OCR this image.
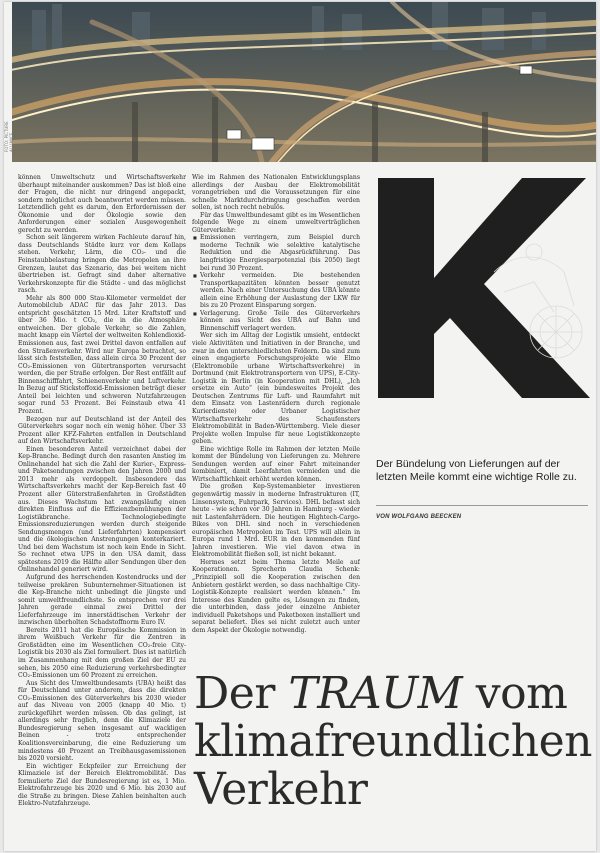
FOTO: PICTURE ALLIANCE

können Umweltschutz und Wirtschaftsverkehr überhaupt miteinander auskommen? Das ist bloß eine der Fragen, die nicht nur dringend angepackt, sondern möglichst auch beantwortet werden müssen. Letztendlich geht es darum, den Erfordernissen der Ökonomie und der Ökologie sowie den Anforderungen einer sozialen Ausgewogenheit gerecht zu werden.

Schon seit längerem wirken Fachleute darauf hin, dass Deutschlands Städte kurz vor dem Kollaps stehen. Verkehr, Lärm, die CO₂- und die Feinstaubbelastung bringen die Metropolen an ihre Grenzen, lautet das Szenario, das bei weitem nicht übertrieben ist. Gefragt sind daher alternative Verkehrskonzepte für die Städte - und das möglichst rasch.

Mehr als 800 000 Stau-Kilometer vermeldet der Automobilclub ADAC für das Jahr 2013. Das entspricht geschätzten 15 Mrd. Liter Kraftstoff und über 36 Mio. t CO₂, die in die Atmosphäre entweichen. Der globale Verkehr, so die Zahlen, macht knapp ein Viertel der weltweiten Kohlendioxid-Emissionen aus, fast zwei Drittel davon entfallen auf den Straßenverkehr. Wird nur Europa betrachtet, so lässt sich feststellen, dass allein circa 30 Prozent der CO₂-Emissionen von Gütertransporten verursacht werden, die per Straße erfolgen. Der Rest entfällt auf Binnenschifffahrt, Schienenverkehr und Luftverkehr. In Bezug auf Stickstoffoxid-Emissionen beträgt dieser Anteil bei leichten und schweren Nutzfahrzeugen sogar rund 53 Prozent. Bei Feinstaub etwa 41 Prozent.

Bezogen nur auf Deutschland ist der Anteil des Güterverkehrs sogar noch ein wenig höher. Über 33 Prozent aller KFZ-Fahrten entfallen in Deutschland auf den Wirtschaftsverkehr.

Einen besonderen Anteil verzeichnet dabei der Kep-Branche. Bedingt durch den rasanten Anstieg im Onlinehandel hat sich die Zahl der Kurier-, Express- und Paketsendungen zwischen den Jahren 2000 und 2013 mehr als verdoppelt. Insbesondere das Wirtschaftsverkehrs macht der Kep-Bereich fast 40 Prozent aller Güterstraßenfahrten in Großstädten aus. Dieses Wachstum hat zwangsläufig einen direkten Einfluss auf die Effizienzbemühungen der Logistikbranche. Technologiebedingte Emissionsreduzierungen werden durch steigende Sendungsmengen (und Lieferfahrten) kompensiert und die ökologischen Anstrengungen konterkariert. Und bei dem Wachstum ist noch kein Ende in Sicht. So rechnet etwa UPS in den USA damit, dass spätestens 2019 die Hälfte aller Sendungen über den Onlinehandel generiert wird.

Aufgrund des herrschenden Kostendrucks und der teilweise prekären Subunternehmer-Situationen ist die Kep-Branche nicht unbedingt die jüngste und somit umweltfreundlichste. So entsprechen vor drei Jahren gerade einmal zwei Drittel der Lieferfahrzeuge im innerstädtischen Verkehr der inzwischen überholten Schadstoffnorm Euro IV.

Bereits 2011 hat die Europäische Kommission in ihrem Weißbuch Verkehr für die Zentren in Großstädten eine im Wesentlichen CO₂-freie City-Logistik bis 2030 als Ziel formuliert. Dies ist natürlich im Zusammenhang mit dem großen Ziel der EU zu sehen, bis 2050 eine Reduzierung verkehrsbedingter CO₂-Emissionen um 60 Prozent zu erreichen.

Aus Sicht des Umweltbundesamts (UBA) heißt das für Deutschland unter anderem, dass die direkten CO₂-Emissionen des Güterverkehrs bis 2030 wieder auf das Niveau von 2005 (knapp 40 Mio. t) zurückgeführt werden müssen. Ob das gelingt, ist allerdings sehr fraglich, denn die Klimaziele der Bundesregierung sehen insgesamt auf wackligen Beinen - trotz entsprechender Koalitionsvereinbarung, die eine Reduzierung um mindestens 40 Prozent an Treibhausgasemissionen bis 2020 vorsieht.

Ein wichtiger Eckpfeiler zur Erreichung der Klimaziele ist der Bereich Elektromobilität. Das formulierte Ziel der Bundesregierung ist es, 1 Mio. Elektrofahrzeuge bis 2020 und 6 Mio. bis 2030 auf die Straße zu bringen. Diese Zahlen beinhalten auch Elektro-Nutzfahrzeuge.

Wie im Rahmen des Nationalen Entwicklungsplans allerdings der Ausbau der Elektromobilität vorangetrieben und die Voraussetzungen für eine schnelle Marktdurchdringung geschaffen werden sollen, ist noch recht nebulös.

Für das Umweltbundesamt gibt es im Wesentlichen folgende Wege zu einem umweltverträglichen Güterverkehr:

■ Emissionen verringern, zum Beispiel durch moderne Technik wie selektive katalytische Reduktion und die Abgasrückführung. Das langfristige Energiesparpotenzial (bis 2050) liegt bei rund 30 Prozent.
■ Verkehr vermeiden. Die bestehenden Transportkapazitäten könnten besser genutzt werden. Nach einer Untersuchung des UBA könnte allein eine Erhöhung der Auslastung der LKW für bis zu 20 Prozent Einsparung sorgen.
■ Verlagerung. Große Teile des Güterverkehrs können aus Sicht des UBA auf Bahn und Binnenschiff verlagert werden.

Wer sich im Alltag der Logistik umsieht, entdeckt viele Aktivitäten und Initiativen in der Branche, und zwar in den unterschiedlichsten Feldern. Da sind zum einen engagierte Forschungsprojekte wie Elmo (Elektromobile urbane Wirtschaftsverkehre) in Dortmund (mit Elektrotransportern von UPS), E-City-Logistik in Berlin (in Kooperation mit DHL), „Ich ersetze ein Auto“ (ein bundesweites Projekt des Deutschen Zentrums für Luft- und Raumfahrt mit dem Einsatz von Lastenrädern durch regionale Kurierdienste) oder Urbaner Logistischer Wirtschaftsverkehr des Schaufensters Elektromobilität in Baden-Württemberg. Viele dieser Projekte wollen Impulse für neue Logistikkonzepte geben.

Eine wichtige Rolle im Rahmen der letzten Meile kommt der Bündelung von Lieferungen zu. Mehrere Sendungen werden auf einer Fahrt miteinander kombiniert, damit Leerfahrten vermieden und die Wirtschaftlichkeit erhöht werden können.

Die großen Kep-Systemanbieter investieren gegenwärtig massiv in moderne Infrastrukturen (IT, Linsensystem, Fuhrpark, Services). DHL befasst sich heute - wie schon vor 30 Jahren in Hamburg - wieder mit Lastenfahrrädern. Die heutigen Hightech-Cargo-Bikes von DHL sind noch in verschiedenen europäischen Metropolen im Test. UPS will allein in Europa rund 1 Mrd. EUR in den kommenden fünf Jahren investieren. Wie viel davon etwa in Elektromobilität fließen soll, ist nicht bekannt.

Hermes setzt beim Thema letzte Meile auf Kooperationen. Sprecherin Claudia Schenk: „Prinzipiell soll die Kooperation zwischen den Anbietern gestärkt werden, so dass nachhaltige City-Logistik-Konzepte realisiert werden können.“ Im Interesse des Kunden gelte es, Lösungen zu finden, die unterbinden, dass jeder einzelne Anbieter individuell Paketshops und Paketboxen installiert und separat beliefert. Dies sei nicht zuletzt auch unter dem Aspekt der Ökologie notwendig.

Der Bündelung von Lieferungen auf der letzten Meile kommt eine wichtige Rolle zu.
VON WOLFGANG BEECKEN
Der TRAUM vom
klimafreundlichen
Verkehr
